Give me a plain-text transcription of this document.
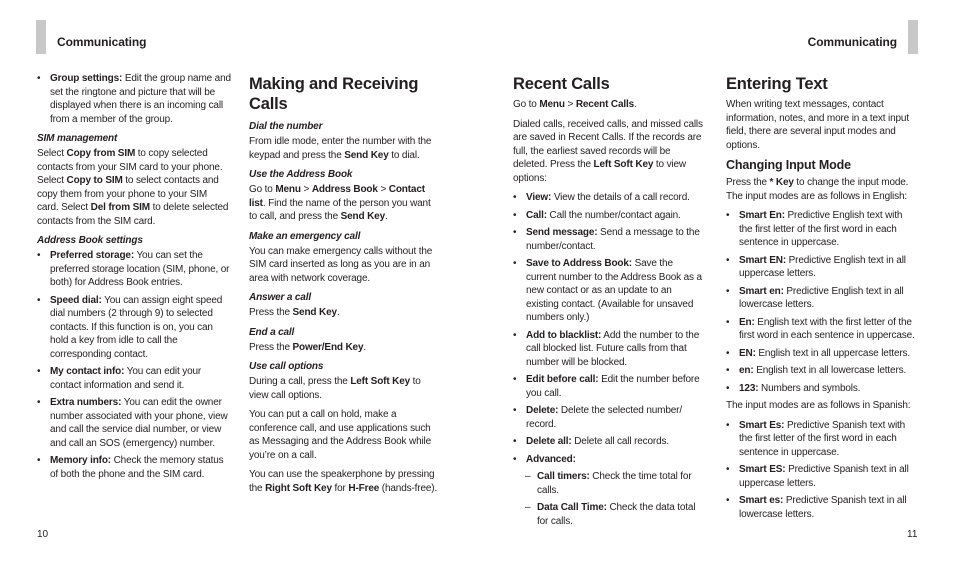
Communicating
• Group settings: Edit the group name and set the ringtone and picture that will be displayed when there is an incoming call from a member of the group.
SIM management

Select Copy from SIM to copy selected contacts from your SIM card to your phone. Select Copy to SIM to select contacts and copy them from your phone to your SIM card. Select Del from SIM to delete selected contacts from the SIM card.

Address Book settings
• Preferred storage: You can set the preferred storage location (SIM, phone, or both) for Address Book entries.
• Speed dial: You can assign eight speed dial numbers (2 through 9) to selected contacts. If this function is on, you can hold a key from idle to call the corresponding contact.
• My contact info: You can edit your contact information and send it.
• Extra numbers: You can edit the owner number associated with your phone, view and call the service dial number, or view and call an SOS (emergency) number.
• Memory info: Check the memory status of both the phone and the SIM card.
Making and Receiving Calls
Dial the number

From idle mode, enter the number with the keypad and press the Send Key to dial.

Use the Address Book

Go to Menu > Address Book > Contact list. Find the name of the person you want to call, and press the Send Key.

Make an emergency call

You can make emergency calls without the SIM card inserted as long as you are in an area with network coverage.

Answer a call

Press the Send Key.

End a call

Press the Power/End Key.

Use call options

During a call, press the Left Soft Key to view call options.

You can put a call on hold, make a conference call, and use applications such as Messaging and the Address Book while you’re on a call.

You can use the speakerphone by pressing the Right Soft Key for H-Free (hands-free).

10
Communicating
Recent Calls

Go to Menu > Recent Calls.

Dialed calls, received calls, and missed calls are saved in Recent Calls. If the records are full, the earliest saved records will be deleted. Press the Left Soft Key to view options:

• View: View the details of a call record.
• Call: Call the number/contact again.
• Send message: Send a message to the number/contact.
• Save to Address Book: Save the current number to the Address Book as a new contact or as an update to an existing contact. (Available for unsaved numbers only.)
• Add to blacklist: Add the number to the call blocked list. Future calls from that number will be blocked.
• Edit before call: Edit the number before you call.
• Delete: Delete the selected number/ record.
• Delete all: Delete all call records.
• Advanced:
– Call timers: Check the time total for calls.
– Data Call Time: Check the data total for calls.
Entering Text

When writing text messages, contact information, notes, and more in a text input field, there are several input modes and options.

Changing Input Mode

Press the * Key to change the input mode. The input modes are as follows in English:

• Smart En: Predictive English text with the first letter of the first word in each sentence in uppercase.
• Smart EN: Predictive English text in all uppercase letters.
• Smart en: Predictive English text in all lowercase letters.
• En: English text with the first letter of the first word in each sentence in uppercase.
• EN: English text in all uppercase letters.
• en: English text in all lowercase letters.
• 123: Numbers and symbols.

The input modes are as follows in Spanish:

• Smart Es: Predictive Spanish text with the first letter of the first word in each sentence in uppercase.
• Smart ES: Predictive Spanish text in all uppercase letters.
• Smart es: Predictive Spanish text in all lowercase letters.
11
